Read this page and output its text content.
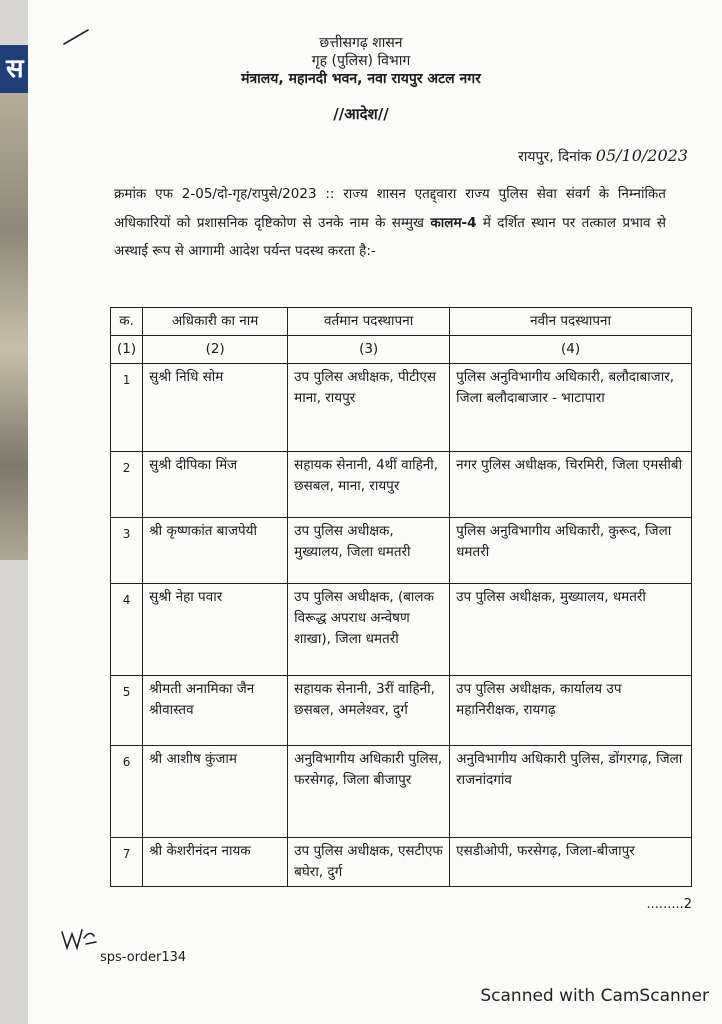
स
छत्तीसगढ़ शासन
गृह (पुलिस) विभाग
मंत्रालय, महानदी भवन, नवा रायपुर अटल नगर
//आदेश//
रायपुर, दिनांक 05/10/2023
क्रमांक एफ 2-05/दो-गृह/रापुसे/2023 :: राज्य शासन एतद्द्वारा राज्य पुलिस सेवा संवर्ग के निम्नांकित अधिकारियों को प्रशासनिक दृष्टिकोण से उनके नाम के सम्मुख कालम-4 में दर्शित स्थान पर तत्काल प्रभाव से अस्थाई रूप से आगामी आदेश पर्यन्त पदस्थ करता है:-
क.	अधिकारी का नाम	वर्तमान पदस्थापना	नवीन पदस्थापना
(1)	(2)	(3)	(4)
1	सुश्री निधि सोम	उप पुलिस अधीक्षक, पीटीएस माना, रायपुर	पुलिस अनुविभागीय अधिकारी, बलौदाबाजार, जिला बलौदाबाजार - भाटापारा
2	सुश्री दीपिका मिंज	सहायक सेनानी, 4थीं वाहिनी, छसबल, माना, रायपुर	नगर पुलिस अधीक्षक, चिरमिरी, जिला एमसीबी
3	श्री कृष्णकांत बाजपेयी	उप पुलिस अधीक्षक, मुख्यालय, जिला धमतरी	पुलिस अनुविभागीय अधिकारी, कुरूद, जिला धमतरी
4	सुश्री नेहा पवार	उप पुलिस अधीक्षक, (बालक विरूद्ध अपराध अन्वेषण शाखा), जिला धमतरी	उप पुलिस अधीक्षक, मुख्यालय, धमतरी
5	श्रीमती अनामिका जैन श्रीवास्तव	सहायक सेनानी, 3रीं वाहिनी, छसबल, अमलेश्वर, दुर्ग	उप पुलिस अधीक्षक, कार्यालय उप महानिरीक्षक, रायगढ़
6	श्री आशीष कुंजाम	अनुविभागीय अधिकारी पुलिस, फरसेगढ़, जिला बीजापुर	अनुविभागीय अधिकारी पुलिस, डोंगरगढ़, जिला राजनांदगांव
7	श्री केशरीनंदन नायक	उप पुलिस अधीक्षक, एसटीएफ बघेरा, दुर्ग	एसडीओपी, फरसेगढ़, जिला-बीजापुर
.........2
sps-order134
Scanned with CamScanner
